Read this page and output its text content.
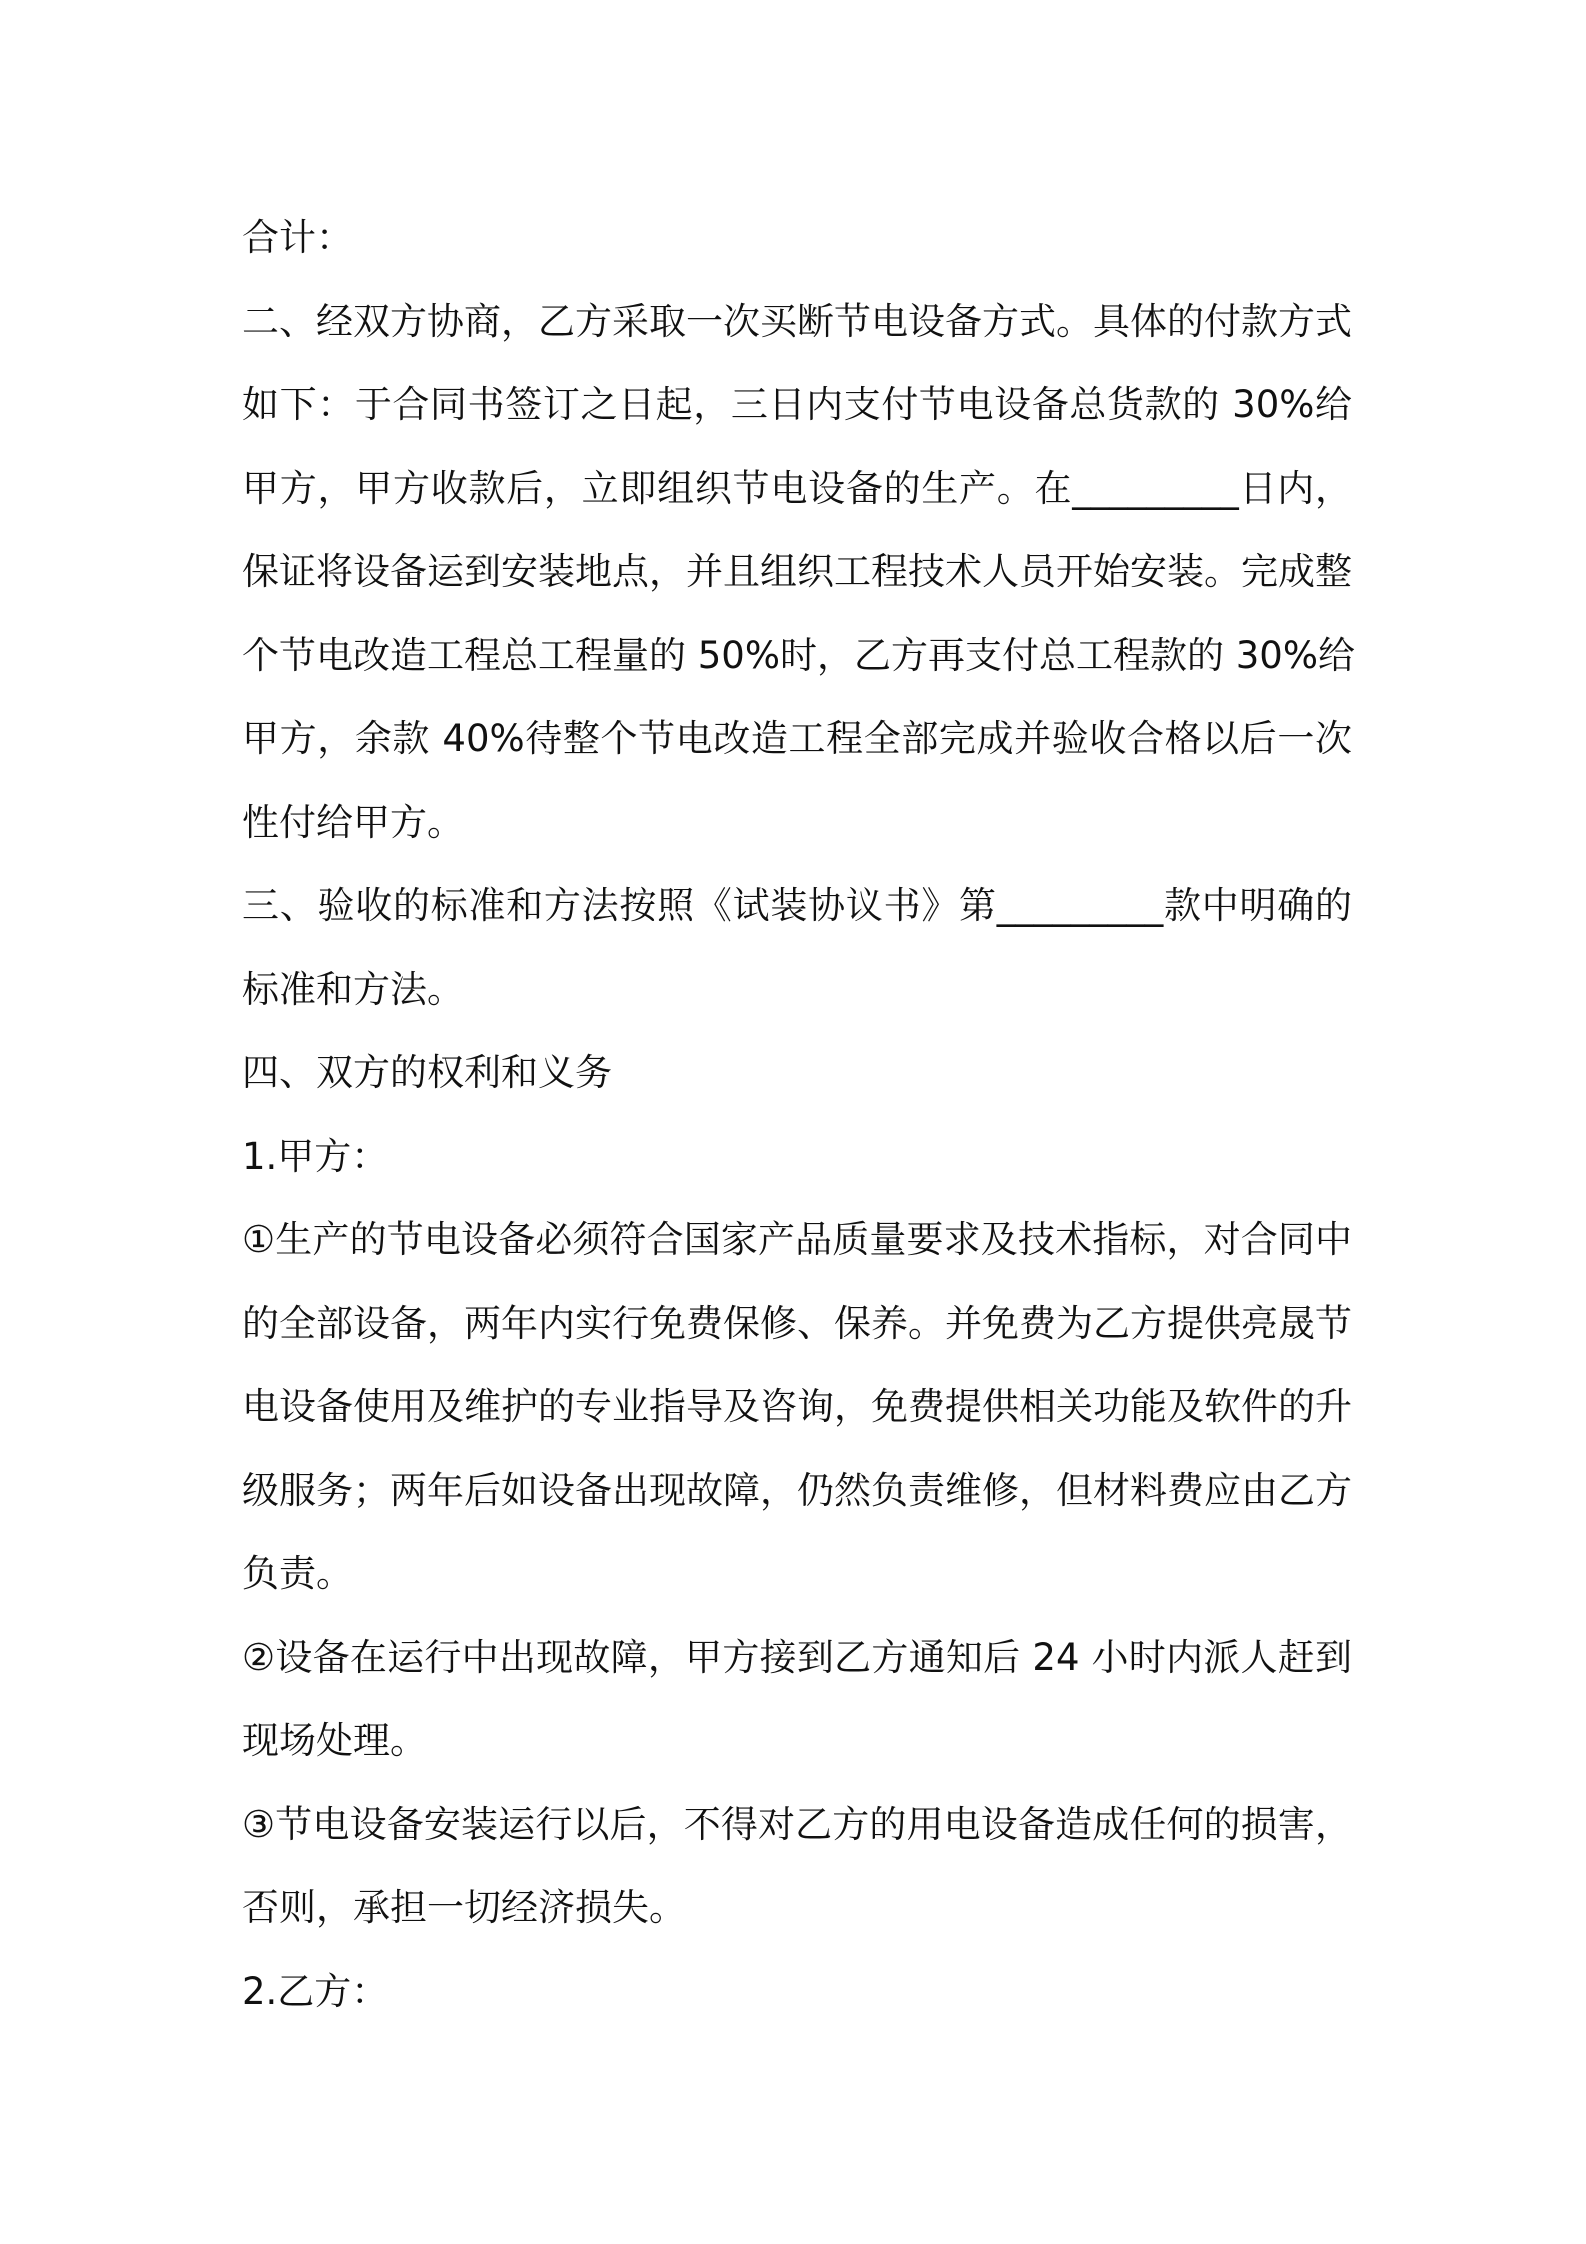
合计：
二、经双方协商，乙方采取一次买断节电设备方式。具体的付款方式
如下：于合同书签订之日起，三日内支付节电设备总货款的 30%给
甲方，甲方收款后，立即组织节电设备的生产。在_________日内，
保证将设备运到安装地点，并且组织工程技术人员开始安装。完成整
个节电改造工程总工程量的 50%时，乙方再支付总工程款的 30%给
甲方，余款 40%待整个节电改造工程全部完成并验收合格以后一次
性付给甲方。
三、验收的标准和方法按照《试装协议书》第_________款中明确的
标准和方法。
四、双方的权利和义务
1.甲方：
①生产的节电设备必须符合国家产品质量要求及技术指标，对合同中
的全部设备，两年内实行免费保修、保养。并免费为乙方提供亮晟节
电设备使用及维护的专业指导及咨询，免费提供相关功能及软件的升
级服务；两年后如设备出现故障，仍然负责维修，但材料费应由乙方
负责。
②设备在运行中出现故障，甲方接到乙方通知后 24 小时内派人赶到
现场处理。
③节电设备安装运行以后，不得对乙方的用电设备造成任何的损害，
否则，承担一切经济损失。
2.乙方：
